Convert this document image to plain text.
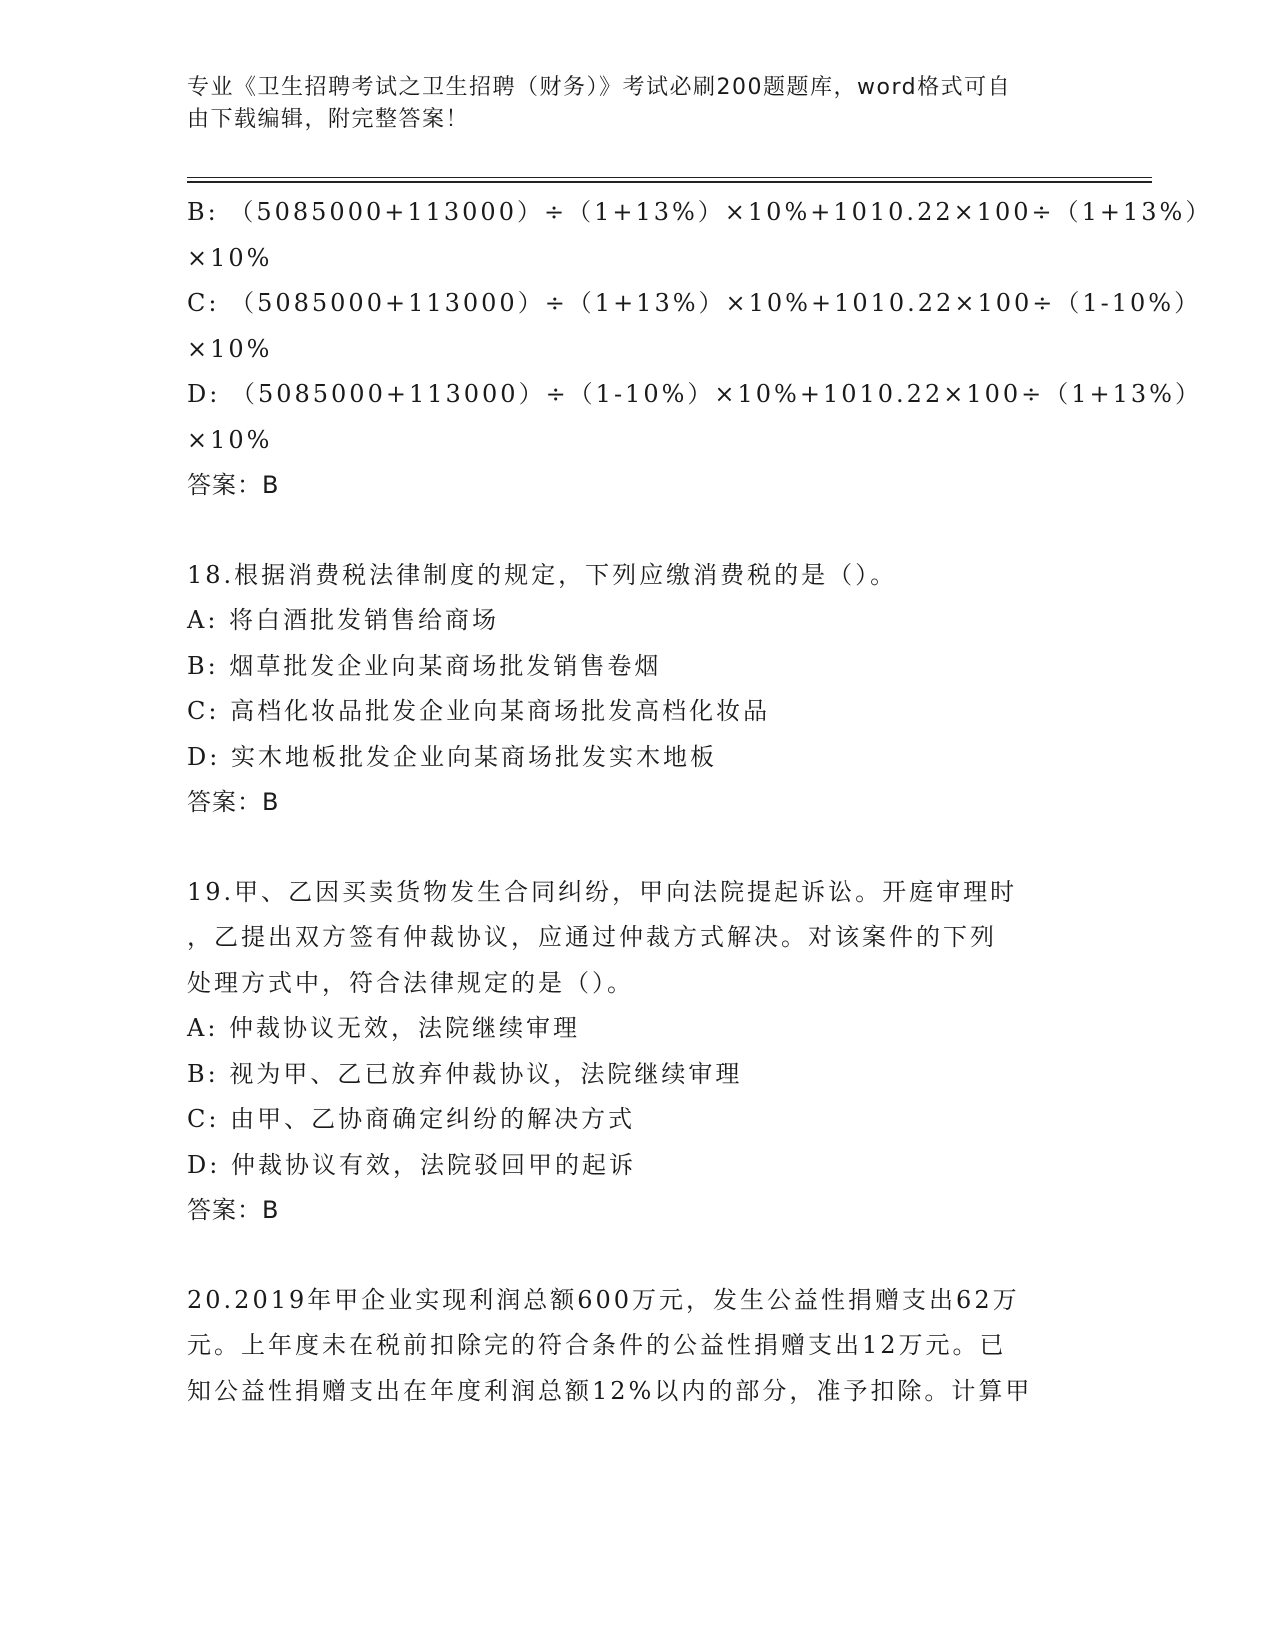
专业《卫生招聘考试之卫生招聘（财务）》考试必刷200题题库，word格式可自
由下载编辑，附完整答案！
B: （5085000+113000）÷（1+13%）×10%+1010.22×100÷（1+13%）
×10%
C: （5085000+113000）÷（1+13%）×10%+1010.22×100÷（1-10%）
×10%
D: （5085000+113000）÷（1-10%）×10%+1010.22×100÷（1+13%）
×10%
答案：B
18.根据消费税法律制度的规定，下列应缴消费税的是（）。
A: 将白酒批发销售给商场
B: 烟草批发企业向某商场批发销售卷烟
C: 高档化妆品批发企业向某商场批发高档化妆品
D: 实木地板批发企业向某商场批发实木地板
答案：B
19.甲、乙因买卖货物发生合同纠纷，甲向法院提起诉讼。开庭审理时
，乙提出双方签有仲裁协议，应通过仲裁方式解决。对该案件的下列
处理方式中，符合法律规定的是（）。
A: 仲裁协议无效，法院继续审理
B: 视为甲、乙已放弃仲裁协议，法院继续审理
C: 由甲、乙协商确定纠纷的解决方式
D: 仲裁协议有效，法院驳回甲的起诉
答案：B
20.2019年甲企业实现利润总额600万元，发生公益性捐赠支出62万
元。上年度未在税前扣除完的符合条件的公益性捐赠支出12万元。已
知公益性捐赠支出在年度利润总额12%以内的部分，准予扣除。计算甲
